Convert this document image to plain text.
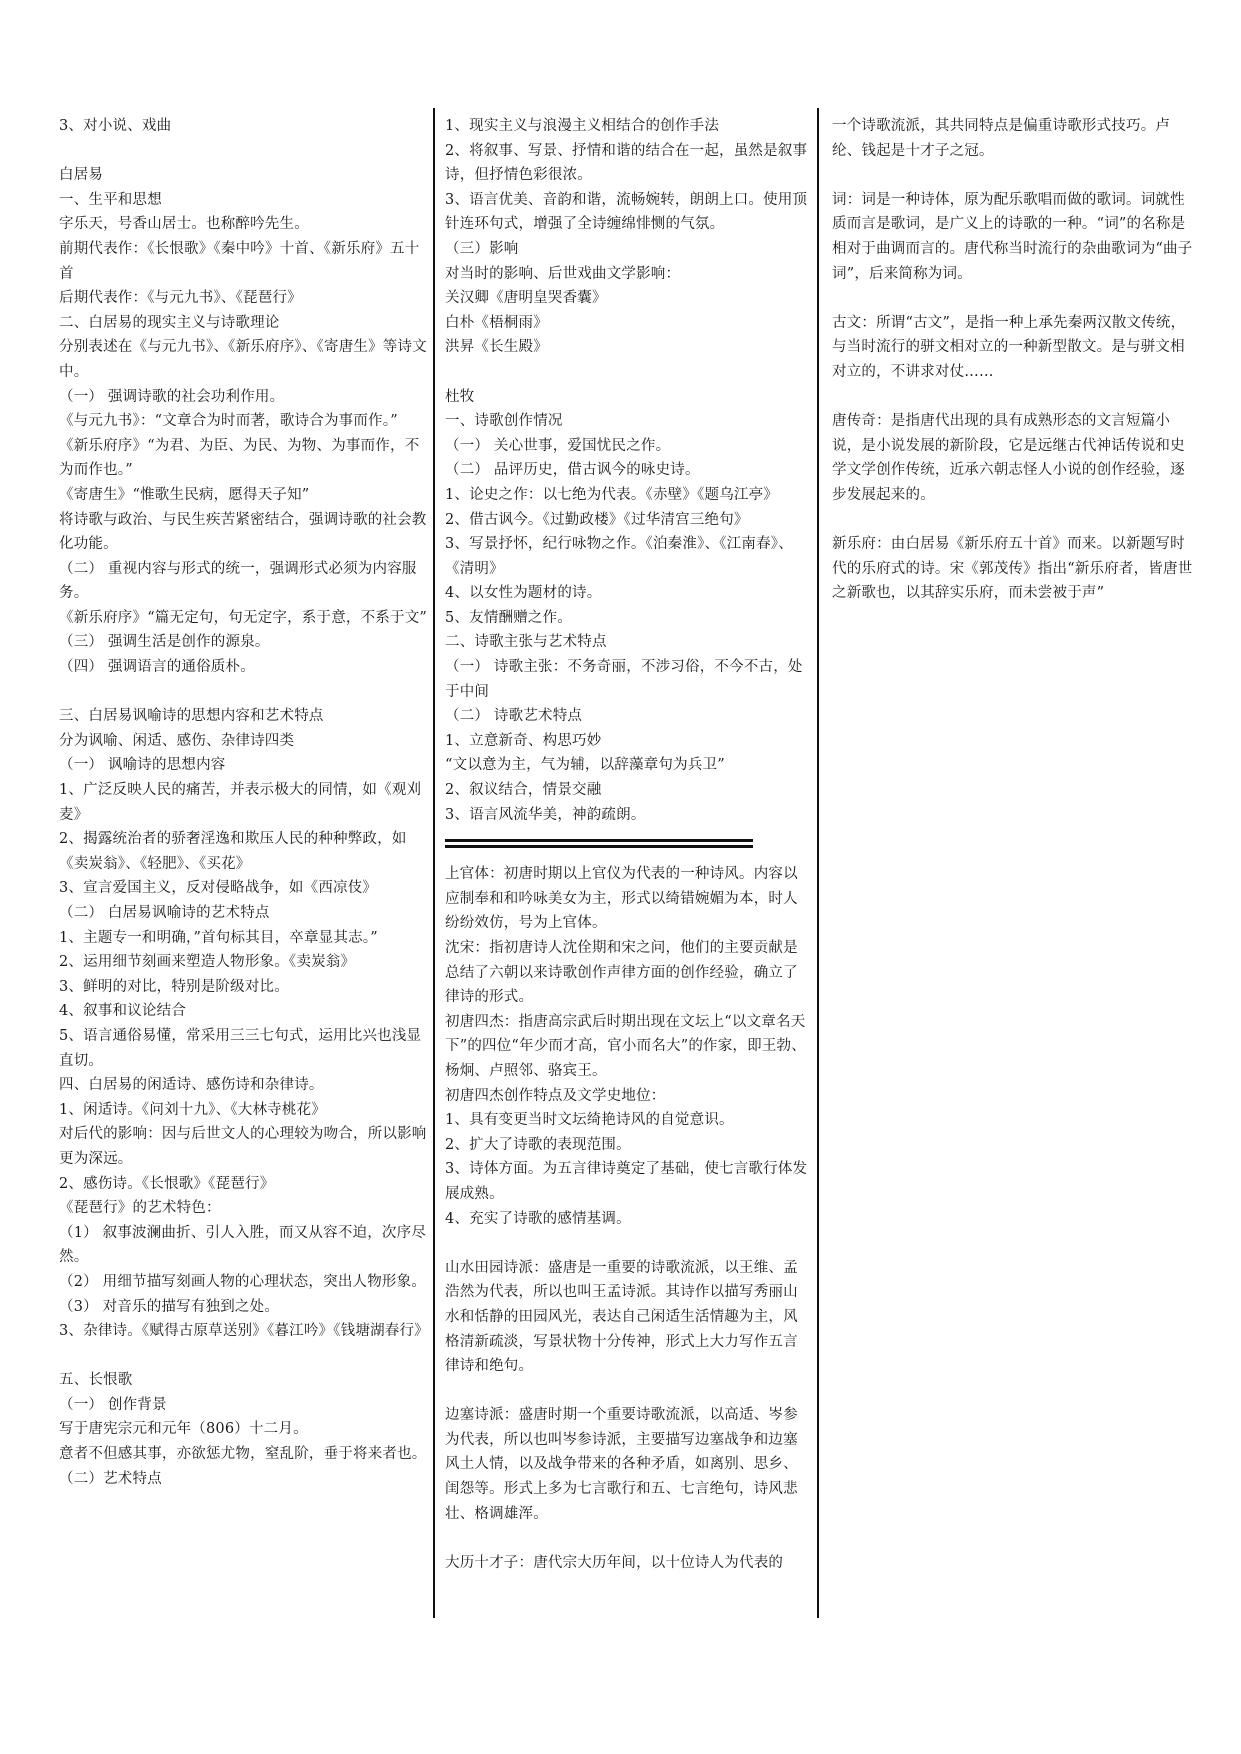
3、对小说、戏曲

白居易

一、生平和思想

字乐天，号香山居士。也称醉吟先生。

前期代表作：《长恨歌》《秦中吟》十首、《新乐府》五十首

后期代表作：《与元九书》、《琵琶行》

二、白居易的现实主义与诗歌理论

分别表述在《与元九书》、《新乐府序》、《寄唐生》等诗文中。

（一） 强调诗歌的社会功利作用。

《与元九书》：“文章合为时而著，歌诗合为事而作。”

《新乐府序》“为君、为臣、为民、为物、为事而作，不为而作也。”

《寄唐生》“惟歌生民病，愿得天子知”

将诗歌与政治、与民生疾苦紧密结合，强调诗歌的社会教化功能。

（二） 重视内容与形式的统一，强调形式必须为内容服务。

《新乐府序》“篇无定句，句无定字，系于意，不系于文”

（三） 强调生活是创作的源泉。

（四） 强调语言的通俗质朴。

三、白居易讽喻诗的思想内容和艺术特点

分为讽喻、闲适、感伤、杂律诗四类

（一） 讽喻诗的思想内容

1、广泛反映人民的痛苦，并表示极大的同情，如《观刈麦》

2、揭露统治者的骄奢淫逸和欺压人民的种种弊政，如《卖炭翁》、《轻肥》、《买花》

3、宣言爱国主义，反对侵略战争，如《西凉伎》

（二） 白居易讽喻诗的艺术特点

1、主题专一和明确，”首句标其目，卒章显其志。”

2、运用细节刻画来塑造人物形象。《卖炭翁》

3、鲜明的对比，特别是阶级对比。

4、叙事和议论结合

5、语言通俗易懂，常采用三三七句式，运用比兴也浅显直切。

四、白居易的闲适诗、感伤诗和杂律诗。

1、闲适诗。《问刘十九》、《大林寺桃花》

对后代的影响：因与后世文人的心理较为吻合，所以影响更为深远。

2、感伤诗。《长恨歌》《琵琶行》

《琵琶行》的艺术特色：

（1） 叙事波澜曲折、引人入胜，而又从容不迫，次序尽然。

（2） 用细节描写刻画人物的心理状态，突出人物形象。

（3） 对音乐的描写有独到之处。

3、杂律诗。《赋得古原草送别》《暮江吟》《钱塘湖春行》

五、长恨歌

（一） 创作背景

写于唐宪宗元和元年（806）十二月。

意者不但感其事，亦欲惩尤物，窒乱阶，垂于将来者也。

（二）艺术特点

1、现实主义与浪漫主义相结合的创作手法

2、将叙事、写景、抒情和谐的结合在一起，虽然是叙事诗，但抒情色彩很浓。

3、语言优美、音韵和谐，流畅婉转，朗朗上口。使用顶针连环句式，增强了全诗缠绵悱恻的气氛。

（三）影响

对当时的影响、后世戏曲文学影响：

关汉卿《唐明皇哭香囊》

白朴《梧桐雨》

洪昇《长生殿》

杜牧

一、诗歌创作情况

（一） 关心世事，爱国忧民之作。

（二） 品评历史，借古讽今的咏史诗。

1、论史之作：以七绝为代表。《赤壁》《题乌江亭》

2、借古讽今。《过勤政楼》《过华清宫三绝句》

3、写景抒怀，纪行咏物之作。《泊秦淮》、《江南春》、《清明》

4、以女性为题材的诗。

5、友情酬赠之作。

二、诗歌主张与艺术特点

（一） 诗歌主张：不务奇丽，不涉习俗，不今不古，处于中间

（二） 诗歌艺术特点

1、立意新奇、构思巧妙

“文以意为主，气为辅，以辞藻章句为兵卫”

2、叙议结合，情景交融

3、语言风流华美，神韵疏朗。

上官体：初唐时期以上官仪为代表的一种诗风。内容以应制奉和和吟咏美女为主，形式以绮错婉媚为本，时人纷纷效仿，号为上官体。

沈宋：指初唐诗人沈佺期和宋之问，他们的主要贡献是总结了六朝以来诗歌创作声律方面的创作经验，确立了律诗的形式。

初唐四杰：指唐高宗武后时期出现在文坛上“以文章名天下”的四位“年少而才高，官小而名大”的作家，即王勃、杨炯、卢照邻、骆宾王。

初唐四杰创作特点及文学史地位：

1、具有变更当时文坛绮艳诗风的自觉意识。

2、扩大了诗歌的表现范围。

3、诗体方面。为五言律诗奠定了基础，使七言歌行体发展成熟。

4、充实了诗歌的感情基调。

山水田园诗派：盛唐是一重要的诗歌流派，以王维、孟浩然为代表，所以也叫王孟诗派。其诗作以描写秀丽山水和恬静的田园风光，表达自己闲适生活情趣为主，风格清新疏淡，写景状物十分传神，形式上大力写作五言律诗和绝句。

边塞诗派：盛唐时期一个重要诗歌流派，以高适、岑参为代表，所以也叫岑参诗派，主要描写边塞战争和边塞风土人情，以及战争带来的各种矛盾，如离别、思乡、闺怨等。形式上多为七言歌行和五、七言绝句，诗风悲壮、格调雄浑。

大历十才子：唐代宗大历年间，以十位诗人为代表的

一个诗歌流派，其共同特点是偏重诗歌形式技巧。卢纶、钱起是十才子之冠。

词：词是一种诗体，原为配乐歌唱而做的歌词。词就性质而言是歌词，是广义上的诗歌的一种。“词”的名称是相对于曲调而言的。唐代称当时流行的杂曲歌词为“曲子词”，后来简称为词。

古文：所谓“古文”，是指一种上承先秦两汉散文传统，与当时流行的骈文相对立的一种新型散文。是与骈文相对立的，不讲求对仗……

唐传奇：是指唐代出现的具有成熟形态的文言短篇小说，是小说发展的新阶段，它是远继古代神话传说和史学文学创作传统，近承六朝志怪人小说的创作经验，逐步发展起来的。

新乐府：由白居易《新乐府五十首》而来。以新题写时代的乐府式的诗。宋《郭茂传》指出“新乐府者，皆唐世之新歌也，以其辞实乐府，而未尝被于声”
